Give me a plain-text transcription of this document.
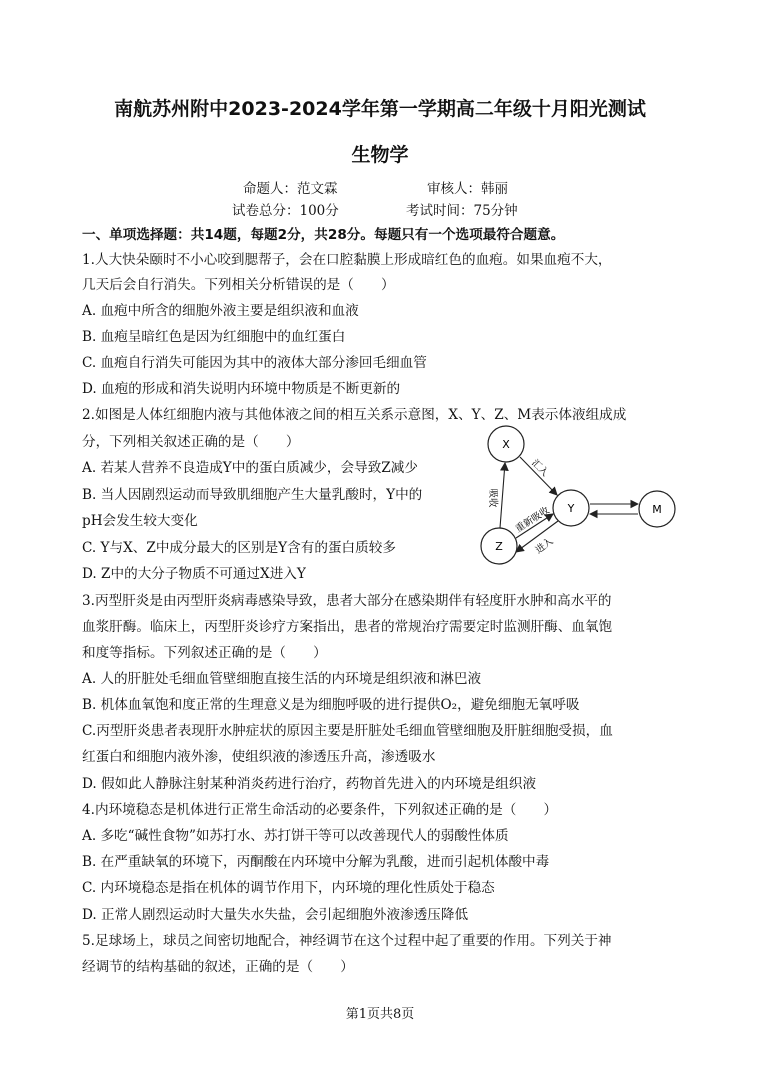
南航苏州附中2023-2024学年第一学期高二年级十月阳光测试
生物学
命题人：范文霖	审核人：韩丽
试卷总分：100分	考试时间：75分钟
一、单项选择题：共14题，每题2分，共28分。每题只有一个选项最符合题意。
1.人大快朵颐时不小心咬到腮帮子，会在口腔黏膜上形成暗红色的血疱。如果血疱不大，
几天后会自行消失。下列相关分析错误的是（　　）
A. 血疱中所含的细胞外液主要是组织液和血液
B. 血疱呈暗红色是因为红细胞中的血红蛋白
C. 血疱自行消失可能因为其中的液体大部分渗回毛细血管
D. 血疱的形成和消失说明内环境中物质是不断更新的
2.如图是人体红细胞内液与其他体液之间的相互关系示意图，X、Y、Z、M表示体液组成成
分，下列相关叙述正确的是（　　）
A. 若某人营养不良造成Y中的蛋白质减少，会导致Z减少
B. 当人因剧烈运动而导致肌细胞产生大量乳酸时，Y中的
pH会发生较大变化
C. Y与X、Z中成分最大的区别是Y含有的蛋白质较多
D. Z中的大分子物质不可通过X进入Y
X
Y
Z
M
汇入
吸收
重新吸收
进入
3.丙型肝炎是由丙型肝炎病毒感染导致，患者大部分在感染期伴有轻度肝水肿和高水平的
血浆肝酶。临床上，丙型肝炎诊疗方案指出，患者的常规治疗需要定时监测肝酶、血氧饱
和度等指标。下列叙述正确的是（　　）
A. 人的肝脏处毛细血管壁细胞直接生活的内环境是组织液和淋巴液
B. 机体血氧饱和度正常的生理意义是为细胞呼吸的进行提供O₂，避免细胞无氧呼吸
C.丙型肝炎患者表现肝水肿症状的原因主要是肝脏处毛细血管壁细胞及肝脏细胞受损，血
红蛋白和细胞内液外渗，使组织液的渗透压升高，渗透吸水
D. 假如此人静脉注射某种消炎药进行治疗，药物首先进入的内环境是组织液
4.内环境稳态是机体进行正常生命活动的必要条件，下列叙述正确的是（　　）
A. 多吃“碱性食物”如苏打水、苏打饼干等可以改善现代人的弱酸性体质
B. 在严重缺氧的环境下，丙酮酸在内环境中分解为乳酸，进而引起机体酸中毒
C. 内环境稳态是指在机体的调节作用下，内环境的理化性质处于稳态
D. 正常人剧烈运动时大量失水失盐，会引起细胞外液渗透压降低
5.足球场上，球员之间密切地配合，神经调节在这个过程中起了重要的作用。下列关于神
经调节的结构基础的叙述，正确的是（　　）
第1页共8页
